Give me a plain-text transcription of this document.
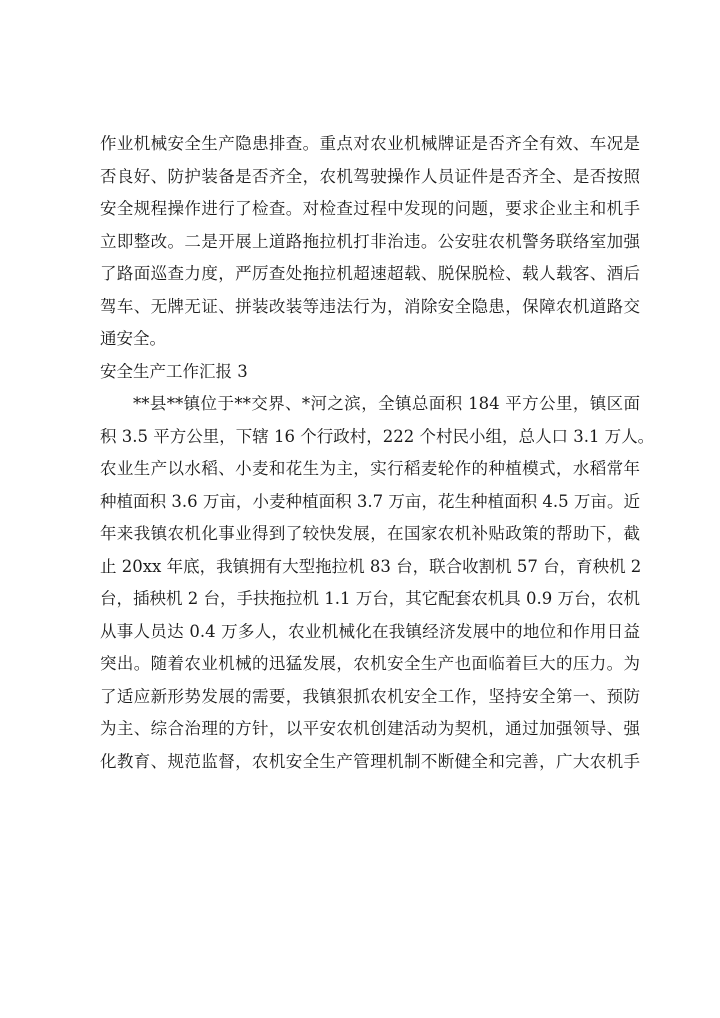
作业机械安全生产隐患排查。重点对农业机械牌证是否齐全有效、车况是
否良好、防护装备是否齐全，农机驾驶操作人员证件是否齐全、是否按照
安全规程操作进行了检查。对检查过程中发现的问题，要求企业主和机手
立即整改。二是开展上道路拖拉机打非治违。公安驻农机警务联络室加强
了路面巡查力度，严厉查处拖拉机超速超载、脱保脱检、载人载客、酒后
驾车、无牌无证、拼装改装等违法行为，消除安全隐患，保障农机道路交
通安全。
安全生产工作汇报 3
**县**镇位于**交界、*河之滨，全镇总面积 184 平方公里，镇区面
积 3.5 平方公里，下辖 16 个行政村，222 个村民小组，总人口 3.1 万人。
农业生产以水稻、小麦和花生为主，实行稻麦轮作的种植模式，水稻常年
种植面积 3.6 万亩，小麦种植面积 3.7 万亩，花生种植面积 4.5 万亩。近
年来我镇农机化事业得到了较快发展，在国家农机补贴政策的帮助下，截
止 20xx 年底，我镇拥有大型拖拉机 83 台，联合收割机 57 台，育秧机 2
台，插秧机 2 台，手扶拖拉机 1.1 万台，其它配套农机具 0.9 万台，农机
从事人员达 0.4 万多人，农业机械化在我镇经济发展中的地位和作用日益
突出。随着农业机械的迅猛发展，农机安全生产也面临着巨大的压力。为
了适应新形势发展的需要，我镇狠抓农机安全工作，坚持安全第一、预防
为主、综合治理的方针，以平安农机创建活动为契机，通过加强领导、强
化教育、规范监督，农机安全生产管理机制不断健全和完善，广大农机手
